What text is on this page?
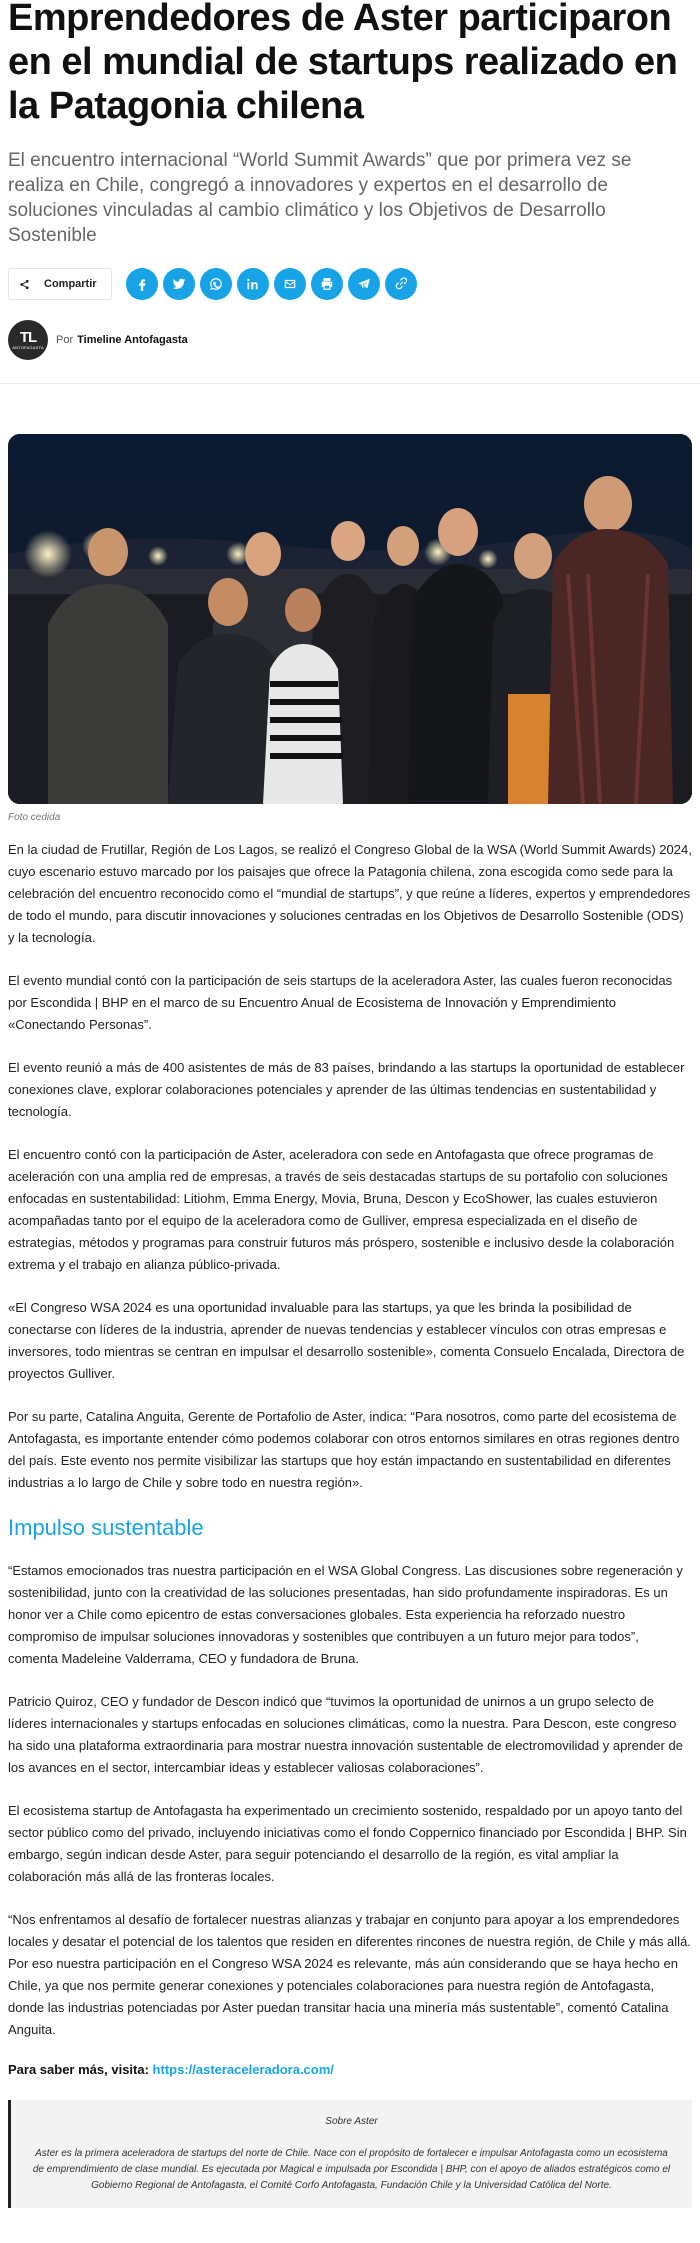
Emprendedores de Aster participaron en el mundial de startups realizado en la Patagonia chilena

El encuentro internacional “World Summit Awards” que por primera vez se realiza en Chile, congregó a innovadores y expertos en el desarrollo de soluciones vinculadas al cambio climático y los Objetivos de Desarrollo Sostenible

Compartir
TL
ANTOFAGASTA
Por Timeline Antofagasta

Foto cedida

En la ciudad de Frutillar, Región de Los Lagos, se realizó el Congreso Global de la WSA (World Summit Awards) 2024, cuyo escenario estuvo marcado por los paisajes que ofrece la Patagonia chilena, zona escogida como sede para la celebración del encuentro reconocido como el “mundial de startups”, y que reúne a líderes, expertos y emprendedores de todo el mundo, para discutir innovaciones y soluciones centradas en los Objetivos de Desarrollo Sostenible (ODS) y la tecnología.

El evento mundial contó con la participación de seis startups de la aceleradora Aster, las cuales fueron reconocidas por Escondida | BHP en el marco de su Encuentro Anual de Ecosistema de Innovación y Emprendimiento «Conectando Personas”.

El evento reunió a más de 400 asistentes de más de 83 países, brindando a las startups la oportunidad de establecer conexiones clave, explorar colaboraciones potenciales y aprender de las últimas tendencias en sustentabilidad y tecnología.

El encuentro contó con la participación de Aster, aceleradora con sede en Antofagasta que ofrece programas de aceleración con una amplia red de empresas, a través de seis destacadas startups de su portafolio con soluciones enfocadas en sustentabilidad: Litiohm, Emma Energy, Movia, Bruna, Descon y EcoShower, las cuales estuvieron acompañadas tanto por el equipo de la aceleradora como de Gulliver, empresa especializada en el diseño de estrategias, métodos y programas para construir futuros más próspero, sostenible e inclusivo desde la colaboración extrema y el trabajo en alianza público-privada.

«El Congreso WSA 2024 es una oportunidad invaluable para las startups, ya que les brinda la posibilidad de conectarse con líderes de la industria, aprender de nuevas tendencias y establecer vínculos con otras empresas e inversores, todo mientras se centran en impulsar el desarrollo sostenible», comenta Consuelo Encalada, Directora de proyectos Gulliver.

Por su parte, Catalina Anguita, Gerente de Portafolio de Aster, indica: “Para nosotros, como parte del ecosistema de Antofagasta, es importante entender cómo podemos colaborar con otros entornos similares en otras regiones dentro del país. Este evento nos permite visibilizar las startups que hoy están impactando en sustentabilidad en diferentes industrias a lo largo de Chile y sobre todo en nuestra región».

Impulso sustentable

“Estamos emocionados tras nuestra participación en el WSA Global Congress. Las discusiones sobre regeneración y sostenibilidad, junto con la creatividad de las soluciones presentadas, han sido profundamente inspiradoras. Es un honor ver a Chile como epicentro de estas conversaciones globales. Esta experiencia ha reforzado nuestro compromiso de impulsar soluciones innovadoras y sostenibles que contribuyen a un futuro mejor para todos”, comenta Madeleine Valderrama, CEO y fundadora de Bruna.

Patricio Quiroz, CEO y fundador de Descon indicó que “tuvimos la oportunidad de unirnos a un grupo selecto de líderes internacionales y startups enfocadas en soluciones climáticas, como la nuestra. Para Descon, este congreso ha sido una plataforma extraordinaria para mostrar nuestra innovación sustentable de electromovilidad y aprender de los avances en el sector, intercambiar ideas y establecer valiosas colaboraciones”.

El ecosistema startup de Antofagasta ha experimentado un crecimiento sostenido, respaldado por un apoyo tanto del sector público como del privado, incluyendo iniciativas como el fondo Coppernico financiado por Escondida | BHP. Sin embargo, según indican desde Aster, para seguir potenciando el desarrollo de la región, es vital ampliar la colaboración más allá de las fronteras locales.

“Nos enfrentamos al desafío de fortalecer nuestras alianzas y trabajar en conjunto para apoyar a los emprendedores locales y desatar el potencial de los talentos que residen en diferentes rincones de nuestra región, de Chile y más allá. Por eso nuestra participación en el Congreso WSA 2024 es relevante, más aún considerando que se haya hecho en Chile, ya que nos permite generar conexiones y potenciales colaboraciones para nuestra región de Antofagasta, donde las industrias potenciadas por Aster puedan transitar hacia una minería más sustentable”, comentó Catalina Anguita.

Para saber más, visita: https://asteraceleradora.com/

Sobre Aster

Aster es la primera aceleradora de startups del norte de Chile. Nace con el propósito de fortalecer e impulsar Antofagasta como un ecosistema de emprendimiento de clase mundial. Es ejecutada por Magical e impulsada por Escondida | BHP, con el apoyo de aliados estratégicos como el Gobierno Regional de Antofagasta, el Comité Corfo Antofagasta, Fundación Chile y la Universidad Católica del Norte.
